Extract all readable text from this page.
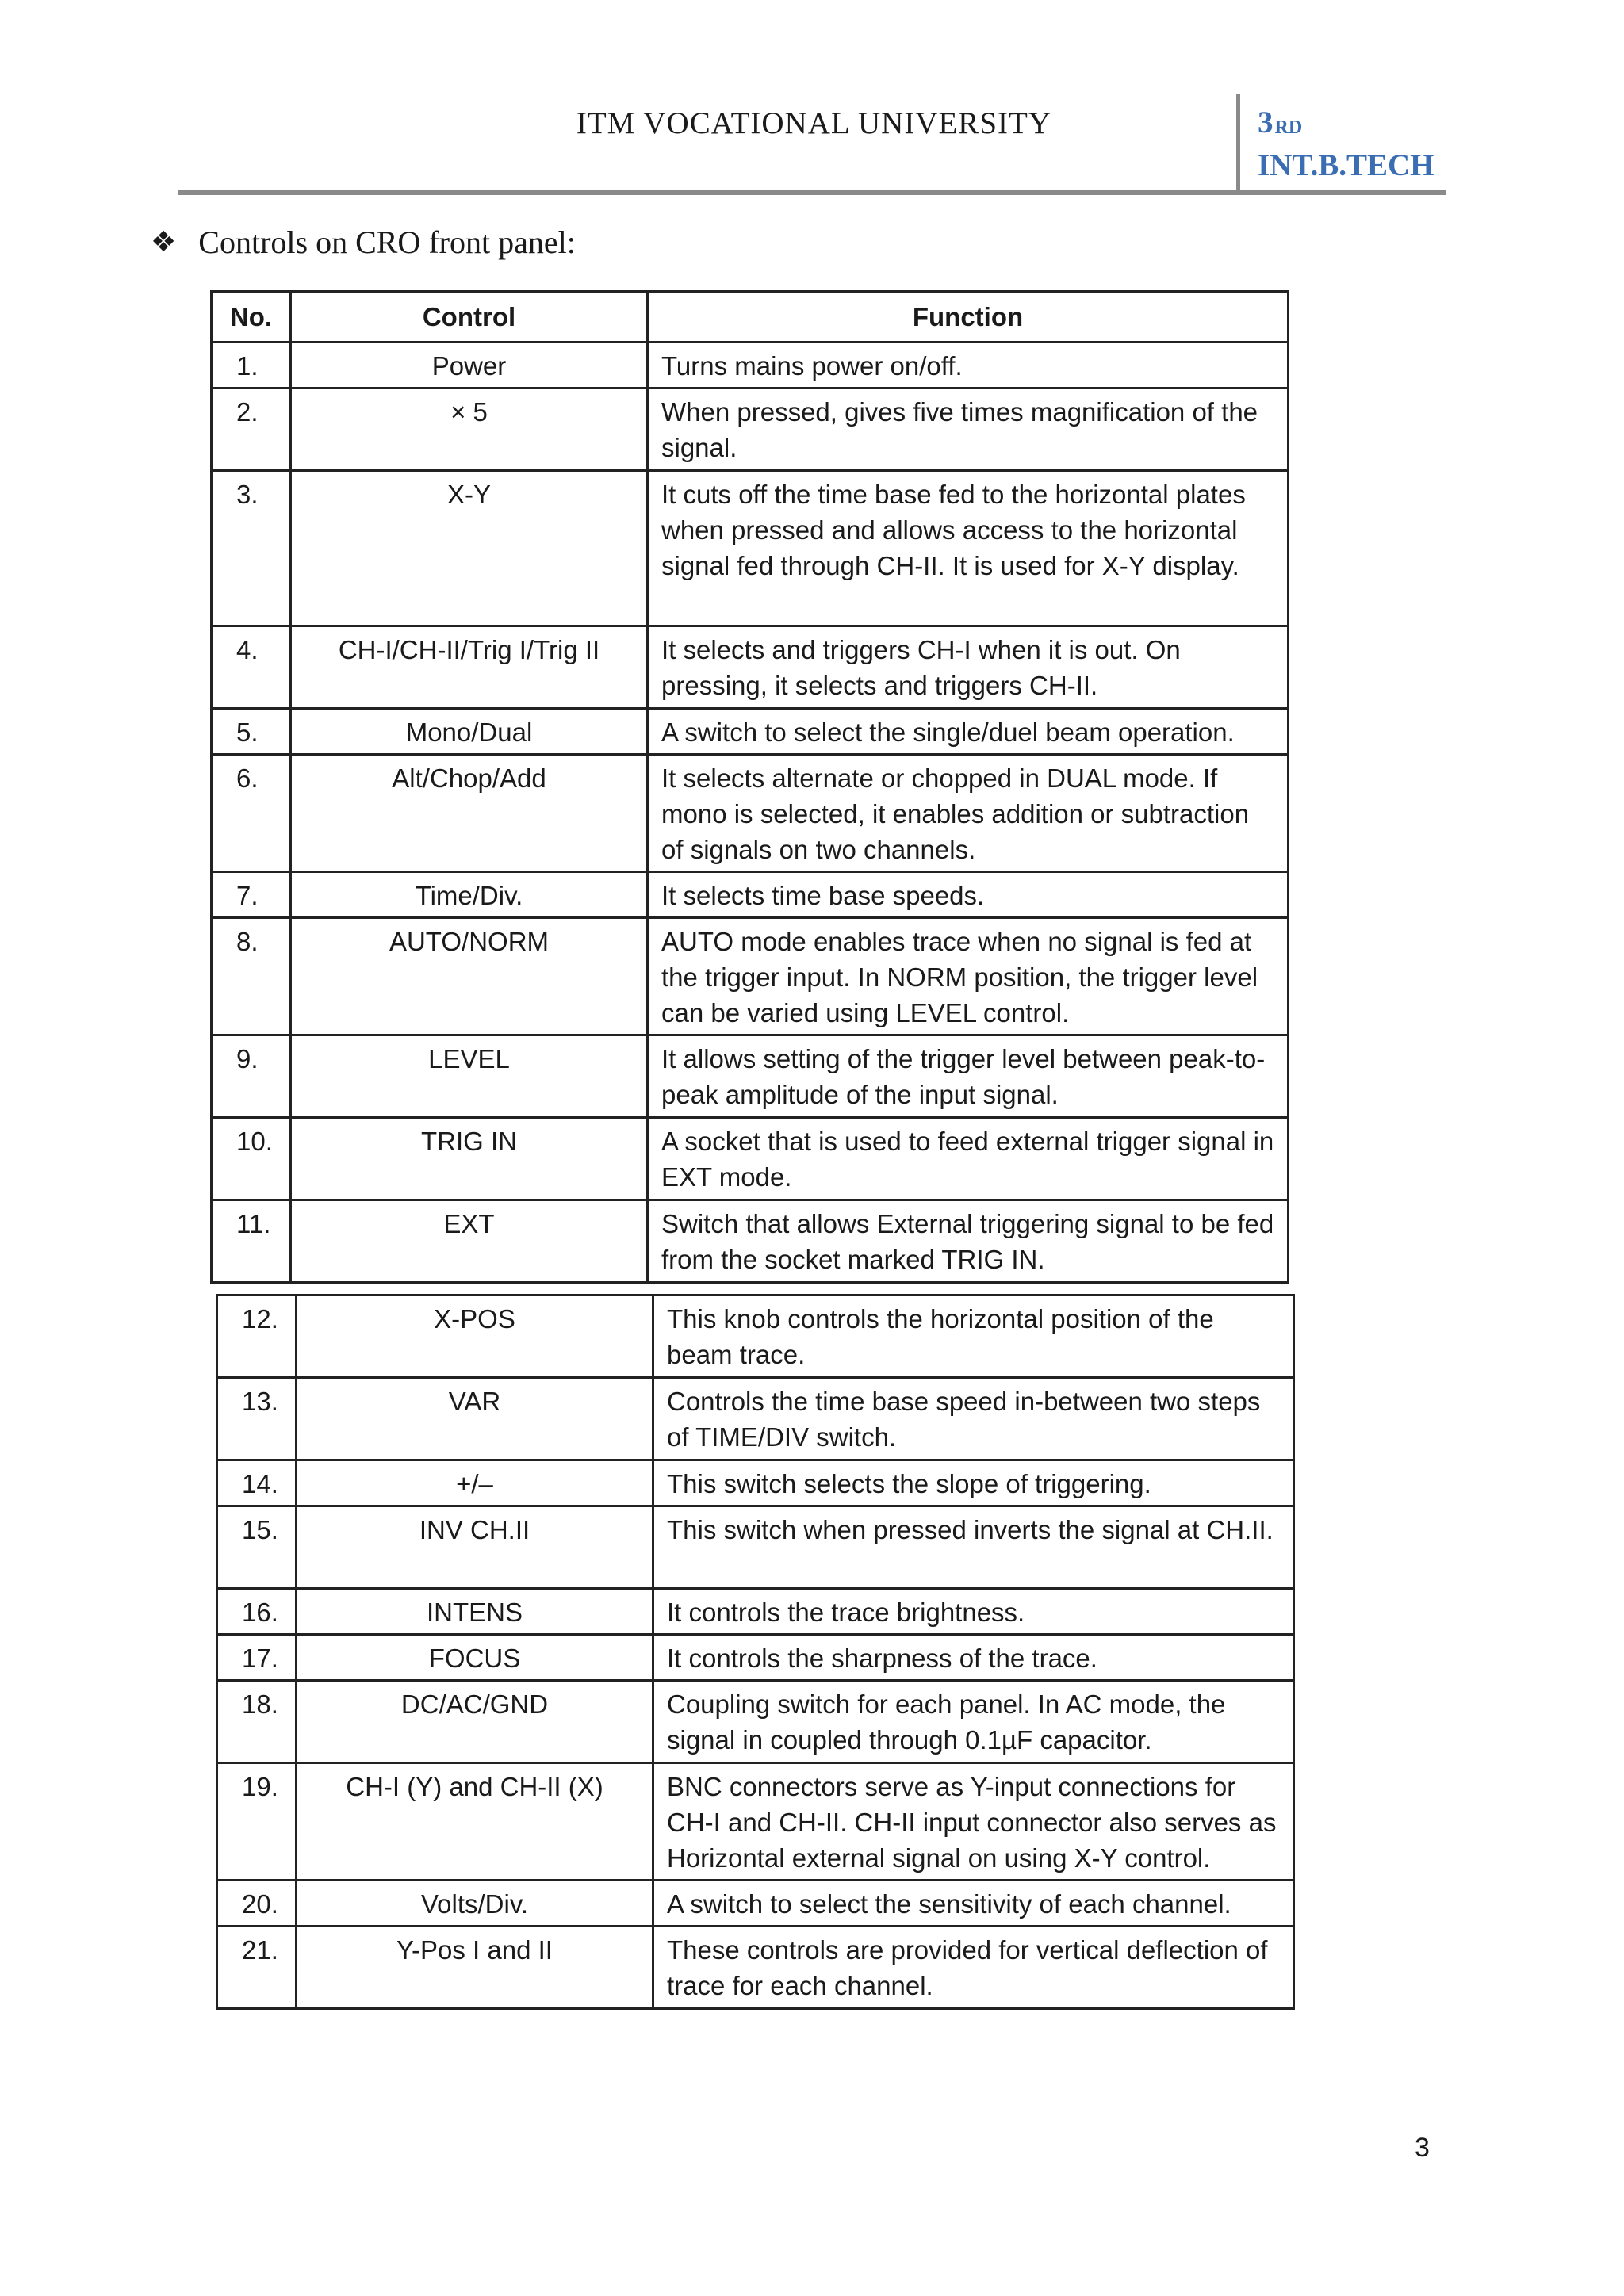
ITM VOCATIONAL UNIVERSITY	3RD
INT.B.TECH
❖ Controls on CRO front panel:
No.	Control	Function
1.	Power	Turns mains power on/off.
2.	× 5	When pressed, gives five times magnification of the signal.
3.	X-Y	It cuts off the time base fed to the horizontal plates when pressed and allows access to the horizontal signal fed through CH-II. It is used for X-Y display.
4.	CH-I/CH-II/Trig I/Trig II	It selects and triggers CH-I when it is out. On pressing, it selects and triggers CH-II.
5.	Mono/Dual	A switch to select the single/duel beam operation.
6.	Alt/Chop/Add	It selects alternate or chopped in DUAL mode. If mono is selected, it enables addition or subtraction of signals on two channels.
7.	Time/Div.	It selects time base speeds.
8.	AUTO/NORM	AUTO mode enables trace when no signal is fed at the trigger input. In NORM position, the trigger level can be varied using LEVEL control.
9.	LEVEL	It allows setting of the trigger level between peak-to-peak amplitude of the input signal.
10.	TRIG IN	A socket that is used to feed external trigger signal in EXT mode.
11.	EXT	Switch that allows External triggering signal to be fed from the socket marked TRIG IN.
12.	X-POS	This knob controls the horizontal position of the beam trace.
13.	VAR	Controls the time base speed in-between two steps of TIME/DIV switch.
14.	+/–	This switch selects the slope of triggering.
15.	INV CH.II	This switch when pressed inverts the signal at CH.II.
16.	INTENS	It controls the trace brightness.
17.	FOCUS	It controls the sharpness of the trace.
18.	DC/AC/GND	Coupling switch for each panel. In AC mode, the signal in coupled through 0.1µF capacitor.
19.	CH-I (Y) and CH-II (X)	BNC connectors serve as Y-input connections for CH-I and CH-II. CH-II input connector also serves as Horizontal external signal on using X-Y control.
20.	Volts/Div.	A switch to select the sensitivity of each channel.
21.	Y-Pos I and II	These controls are provided for vertical deflection of trace for each channel.
3
